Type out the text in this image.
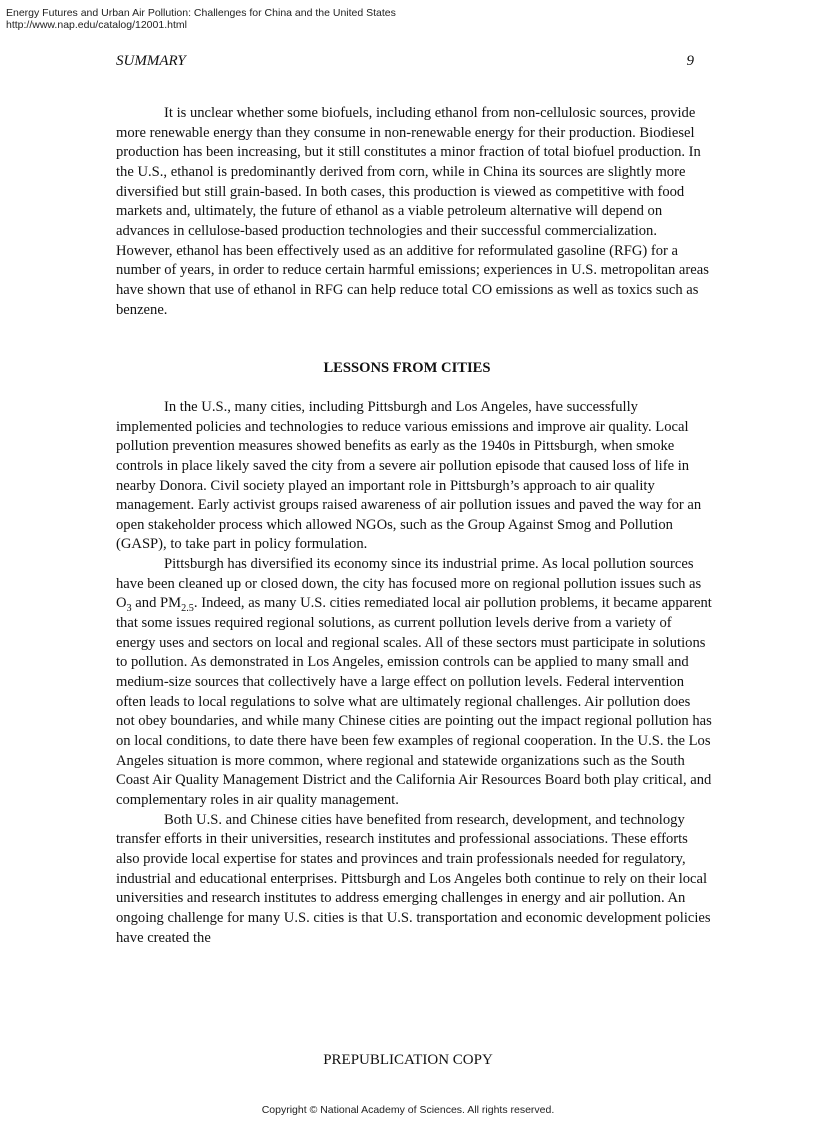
Energy Futures and Urban Air Pollution: Challenges for China and the United States
http://www.nap.edu/catalog/12001.html
SUMMARY	9

It is unclear whether some biofuels, including ethanol from non-cellulosic sources, provide more renewable energy than they consume in non-renewable energy for their production. Biodiesel production has been increasing, but it still constitutes a minor fraction of total biofuel production. In the U.S., ethanol is predominantly derived from corn, while in China its sources are slightly more diversified but still grain-based. In both cases, this production is viewed as competitive with food markets and, ultimately, the future of ethanol as a viable petroleum alternative will depend on advances in cellulose-based production technologies and their successful commercialization. However, ethanol has been effectively used as an additive for reformulated gasoline (RFG) for a number of years, in order to reduce certain harmful emissions; experiences in U.S. metropolitan areas have shown that use of ethanol in RFG can help reduce total CO emissions as well as toxics such as benzene.

LESSONS FROM CITIES

In the U.S., many cities, including Pittsburgh and Los Angeles, have successfully implemented policies and technologies to reduce various emissions and improve air quality. Local pollution prevention measures showed benefits as early as the 1940s in Pittsburgh, when smoke controls in place likely saved the city from a severe air pollution episode that caused loss of life in nearby Donora. Civil society played an important role in Pittsburgh’s approach to air quality management. Early activist groups raised awareness of air pollution issues and paved the way for an open stakeholder process which allowed NGOs, such as the Group Against Smog and Pollution (GASP), to take part in policy formulation.

Pittsburgh has diversified its economy since its industrial prime. As local pollution sources have been cleaned up or closed down, the city has focused more on regional pollution issues such as $O_3$ and $PM_{2.5}$. Indeed, as many U.S. cities remediated local air pollution problems, it became apparent that some issues required regional solutions, as current pollution levels derive from a variety of energy uses and sectors on local and regional scales. All of these sectors must participate in solutions to pollution. As demonstrated in Los Angeles, emission controls can be applied to many small and medium-size sources that collectively have a large effect on pollution levels. Federal intervention often leads to local regulations to solve what are ultimately regional challenges. Air pollution does not obey boundaries, and while many Chinese cities are pointing out the impact regional pollution has on local conditions, to date there have been few examples of regional cooperation. In the U.S. the Los Angeles situation is more common, where regional and statewide organizations such as the South Coast Air Quality Management District and the California Air Resources Board both play critical, and complementary roles in air quality management.

Both U.S. and Chinese cities have benefited from research, development, and technology transfer efforts in their universities, research institutes and professional associations. These efforts also provide local expertise for states and provinces and train professionals needed for regulatory, industrial and educational enterprises. Pittsburgh and Los Angeles both continue to rely on their local universities and research institutes to address emerging challenges in energy and air pollution. An ongoing challenge for many U.S. cities is that U.S. transportation and economic development policies have created the

PREPUBLICATION COPY
Copyright © National Academy of Sciences. All rights reserved.
